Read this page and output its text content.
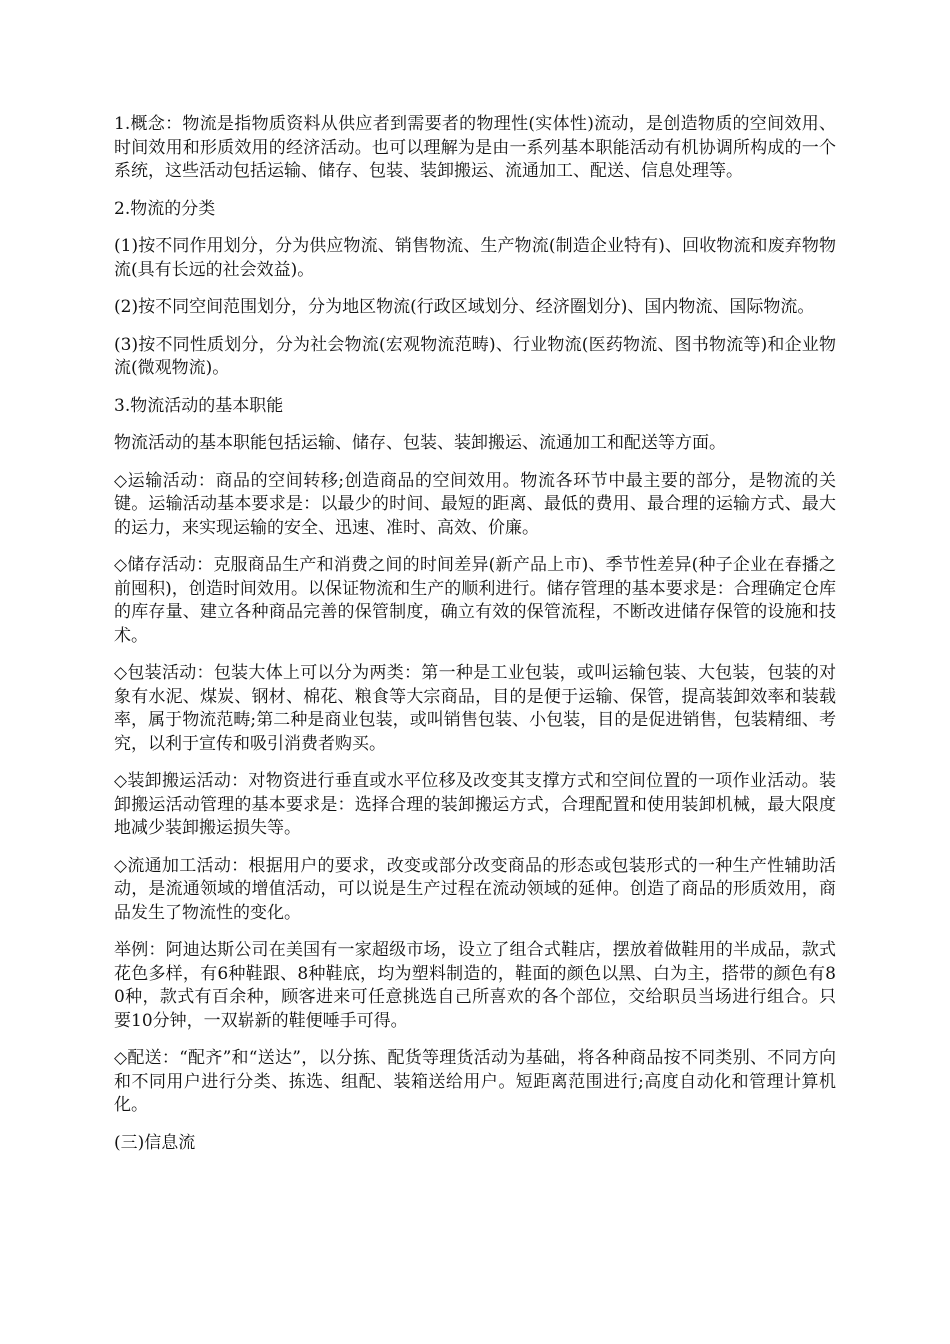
1.概念：物流是指物质资料从供应者到需要者的物理性(实体性)流动，是创造物质的空间效用、时间效用和形质效用的经济活动。也可以理解为是由一系列基本职能活动有机协调所构成的一个系统，这些活动包括运输、储存、包装、装卸搬运、流通加工、配送、信息处理等。

2.物流的分类

(1)按不同作用划分，分为供应物流、销售物流、生产物流(制造企业特有)、回收物流和废弃物物流(具有长远的社会效益)。

(2)按不同空间范围划分，分为地区物流(行政区域划分、经济圈划分)、国内物流、国际物流。

(3)按不同性质划分，分为社会物流(宏观物流范畴)、行业物流(医药物流、图书物流等)和企业物流(微观物流)。

3.物流活动的基本职能

物流活动的基本职能包括运输、储存、包装、装卸搬运、流通加工和配送等方面。

◇运输活动：商品的空间转移;创造商品的空间效用。物流各环节中最主要的部分，是物流的关键。运输活动基本要求是：以最少的时间、最短的距离、最低的费用、最合理的运输方式、最大的运力，来实现运输的安全、迅速、准时、高效、价廉。

◇储存活动：克服商品生产和消费之间的时间差异(新产品上市)、季节性差异(种子企业在春播之前囤积)，创造时间效用。以保证物流和生产的顺利进行。储存管理的基本要求是：合理确定仓库的库存量、建立各种商品完善的保管制度，确立有效的保管流程，不断改进储存保管的设施和技术。

◇包装活动：包装大体上可以分为两类：第一种是工业包装，或叫运输包装、大包装，包装的对象有水泥、煤炭、钢材、棉花、粮食等大宗商品，目的是便于运输、保管，提高装卸效率和装载率，属于物流范畴;第二种是商业包装，或叫销售包装、小包装，目的是促进销售，包装精细、考究，以利于宣传和吸引消费者购买。

◇装卸搬运活动：对物资进行垂直或水平位移及改变其支撑方式和空间位置的一项作业活动。装卸搬运活动管理的基本要求是：选择合理的装卸搬运方式，合理配置和使用装卸机械，最大限度地减少装卸搬运损失等。

◇流通加工活动：根据用户的要求，改变或部分改变商品的形态或包装形式的一种生产性辅助活动，是流通领域的增值活动，可以说是生产过程在流动领域的延伸。创造了商品的形质效用，商品发生了物流性的变化。

举例：阿迪达斯公司在美国有一家超级市场，设立了组合式鞋店，摆放着做鞋用的半成品，款式花色多样，有6种鞋跟、8种鞋底，均为塑料制造的，鞋面的颜色以黑、白为主，搭带的颜色有80种，款式有百余种，顾客进来可任意挑选自己所喜欢的各个部位，交给职员当场进行组合。只要10分钟，一双崭新的鞋便唾手可得。

◇配送：“配齐”和“送达”，以分拣、配货等理货活动为基础，将各种商品按不同类别、不同方向和不同用户进行分类、拣选、组配、装箱送给用户。短距离范围进行;高度自动化和管理计算机化。

(三)信息流
